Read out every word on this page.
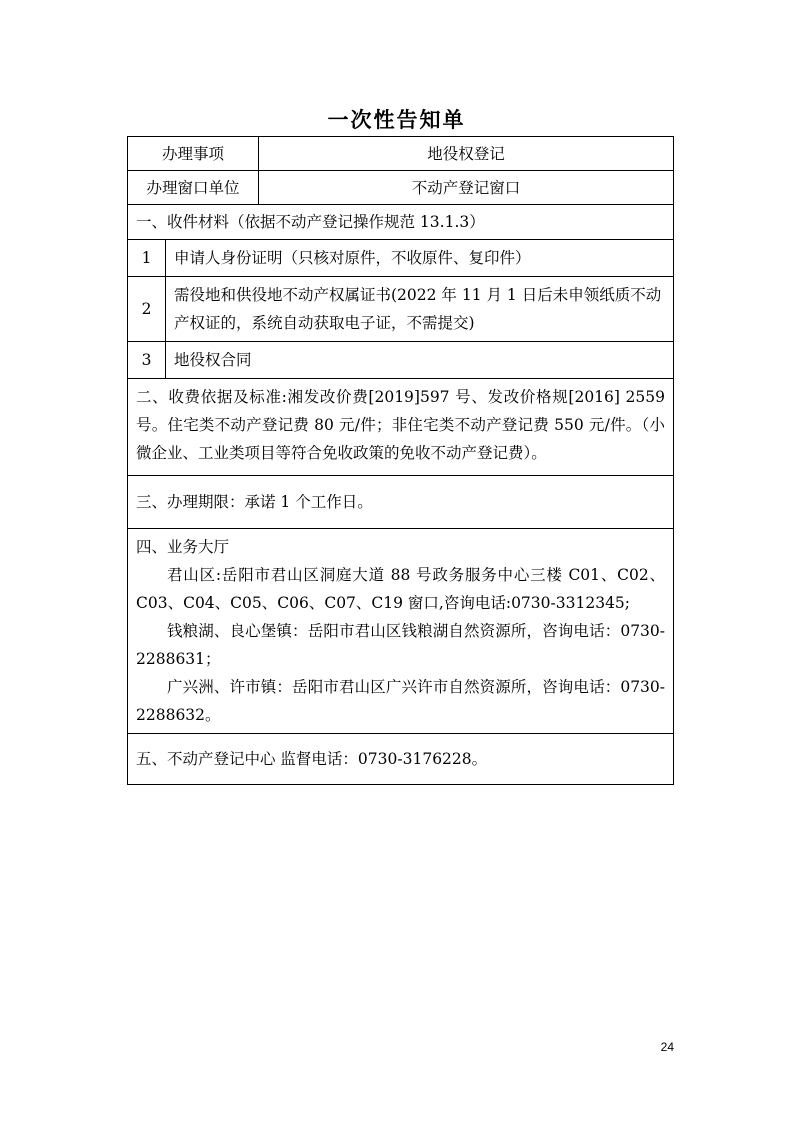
一次性告知单
办理事项		地役权登记
办理窗口单位		不动产登记窗口
一、收件材料（依据不动产登记操作规范 13.1.3）		
1	申请人身份证明（只核对原件，不收原件、复印件）	
2	需役地和供役地不动产权属证书(2022 年 11 月 1 日后未申领纸质不动产权证的，系统自动获取电子证，不需提交)	
3	地役权合同	

二、收费依据及标准:湘发改价费[2019]597 号、发改价格规[2016] 2559 号。住宅类不动产登记费 80 元/件；非住宅类不动产登记费 550 元/件。（小微企业、工业类项目等符合免收政策的免收不动产登记费）。		

三、办理期限：承诺 1 个工作日。		

四、业务大厅
君山区:岳阳市君山区洞庭大道 88 号政务服务中心三楼 C01、C02、C03、C04、C05、C06、C07、C19 窗口,咨询电话:0730-3312345;
钱粮湖、良心堡镇：岳阳市君山区钱粮湖自然资源所，咨询电话：0730-2288631；
广兴洲、许市镇：岳阳市君山区广兴许市自然资源所，咨询电话：0730-2288632。		

五、不动产登记中心 监督电话：0730-3176228。		
24
